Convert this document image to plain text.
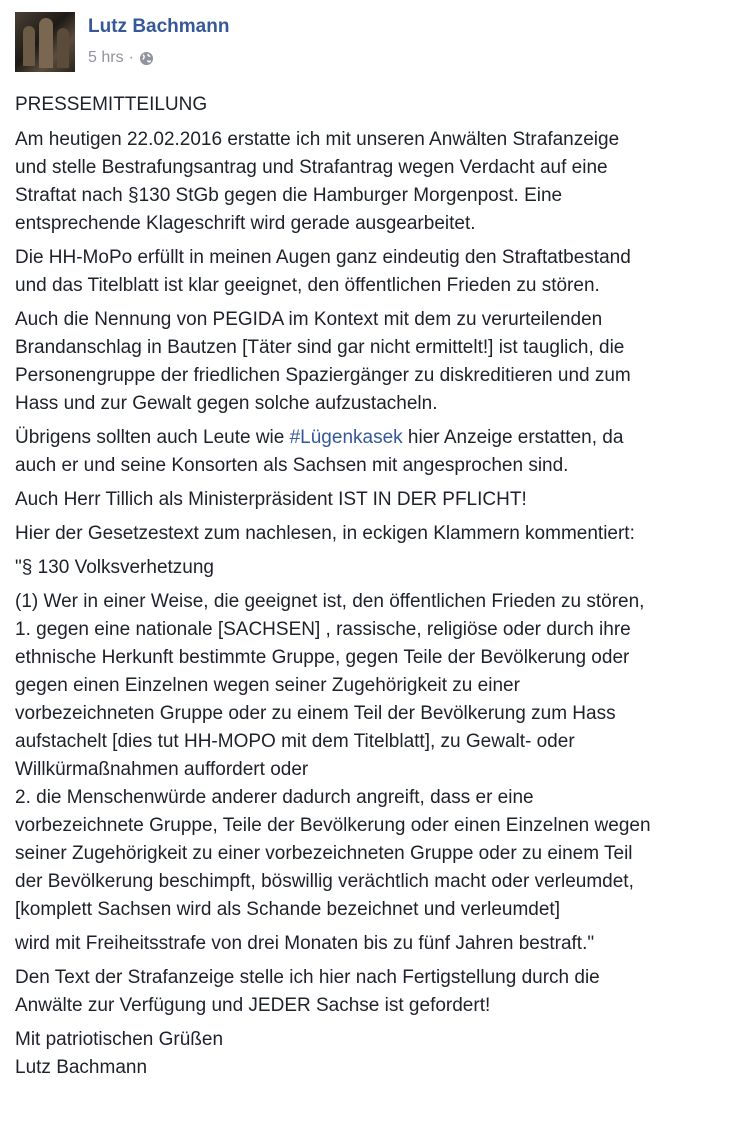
Lutz Bachmann
5 hrs ·

PRESSEMITTEILUNG

Am heutigen 22.02.2016 erstatte ich mit unseren Anwälten Strafanzeige
und stelle Bestrafungsantrag und Strafantrag wegen Verdacht auf eine
Straftat nach §130 StGb gegen die Hamburger Morgenpost. Eine
entsprechende Klageschrift wird gerade ausgearbeitet.

Die HH-MoPo erfüllt in meinen Augen ganz eindeutig den Straftatbestand
und das Titelblatt ist klar geeignet, den öffentlichen Frieden zu stören.

Auch die Nennung von PEGIDA im Kontext mit dem zu verurteilenden
Brandanschlag in Bautzen [Täter sind gar nicht ermittelt!] ist tauglich, die
Personengruppe der friedlichen Spaziergänger zu diskreditieren und zum
Hass und zur Gewalt gegen solche aufzustacheln.

Übrigens sollten auch Leute wie #Lügenkasek hier Anzeige erstatten, da
auch er und seine Konsorten als Sachsen mit angesprochen sind.

Auch Herr Tillich als Ministerpräsident IST IN DER PFLICHT!

Hier der Gesetzestext zum nachlesen, in eckigen Klammern kommentiert:

"§ 130 Volksverhetzung

(1) Wer in einer Weise, die geeignet ist, den öffentlichen Frieden zu stören,
1. gegen eine nationale [SACHSEN] , rassische, religiöse oder durch ihre
ethnische Herkunft bestimmte Gruppe, gegen Teile der Bevölkerung oder
gegen einen Einzelnen wegen seiner Zugehörigkeit zu einer
vorbezeichneten Gruppe oder zu einem Teil der Bevölkerung zum Hass
aufstachelt [dies tut HH-MOPO mit dem Titelblatt], zu Gewalt- oder
Willkürmaßnahmen auffordert oder
2. die Menschenwürde anderer dadurch angreift, dass er eine
vorbezeichnete Gruppe, Teile der Bevölkerung oder einen Einzelnen wegen
seiner Zugehörigkeit zu einer vorbezeichneten Gruppe oder zu einem Teil
der Bevölkerung beschimpft, böswillig verächtlich macht oder verleumdet,
[komplett Sachsen wird als Schande bezeichnet und verleumdet]

wird mit Freiheitsstrafe von drei Monaten bis zu fünf Jahren bestraft."

Den Text der Strafanzeige stelle ich hier nach Fertigstellung durch die
Anwälte zur Verfügung und JEDER Sachse ist gefordert!

Mit patriotischen Grüßen
Lutz Bachmann
